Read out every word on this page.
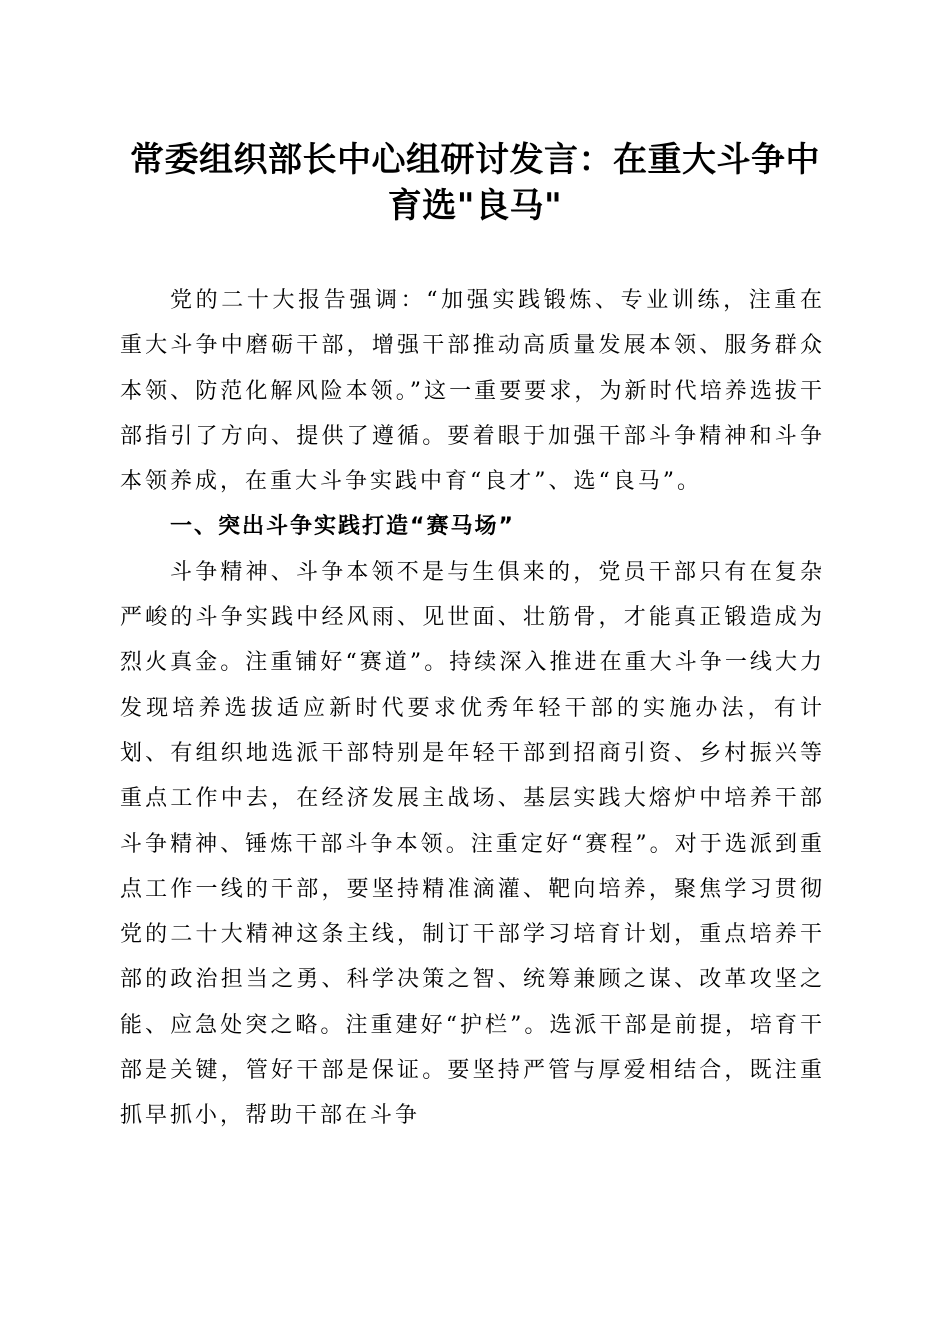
常委组织部长中心组研讨发言：在重大斗争中
育选"良马"

党的二十大报告强调：“加强实践锻炼、专业训练，注重在重大斗争中磨砺干部，增强干部推动高质量发展本领、服务群众本领、防范化解风险本领。”这一重要要求，为新时代培养选拔干部指引了方向、提供了遵循。要着眼于加强干部斗争精神和斗争本领养成，在重大斗争实践中育“良才”、选“良马”。

一、突出斗争实践打造“赛马场”

斗争精神、斗争本领不是与生俱来的，党员干部只有在复杂严峻的斗争实践中经风雨、见世面、壮筋骨，才能真正锻造成为烈火真金。注重铺好“赛道”。持续深入推进在重大斗争一线大力发现培养选拔适应新时代要求优秀年轻干部的实施办法，有计划、有组织地选派干部特别是年轻干部到招商引资、乡村振兴等重点工作中去，在经济发展主战场、基层实践大熔炉中培养干部斗争精神、锤炼干部斗争本领。注重定好“赛程”。对于选派到重点工作一线的干部，要坚持精准滴灌、靶向培养，聚焦学习贯彻党的二十大精神这条主线，制订干部学习培育计划，重点培养干部的政治担当之勇、科学决策之智、统筹兼顾之谋、改革攻坚之能、应急处突之略。注重建好“护栏”。选派干部是前提，培育干部是关键，管好干部是保证。要坚持严管与厚爱相结合，既注重抓早抓小，帮助干部在斗争
